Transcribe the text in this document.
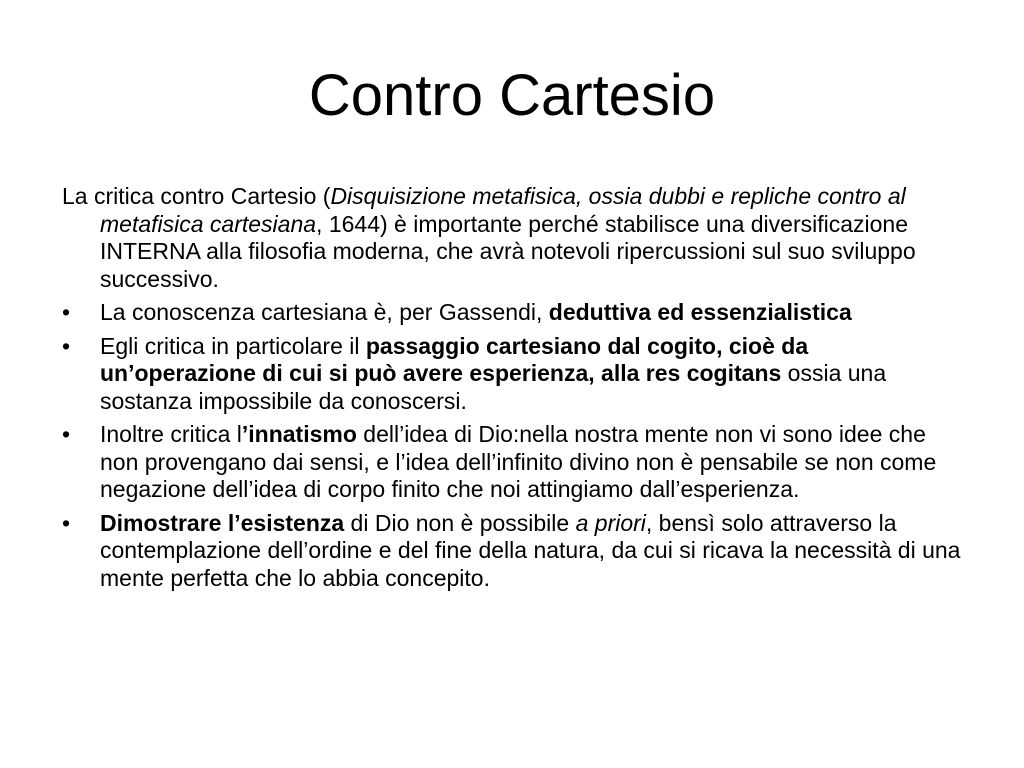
Contro Cartesio

La critica contro Cartesio (Disquisizione metafisica, ossia dubbi e repliche contro al metafisica cartesiana, 1644) è importante perché stabilisce una diversificazione INTERNA alla filosofia moderna, che avrà notevoli ripercussioni sul suo sviluppo successivo.

•	La conoscenza cartesiana è, per Gassendi, deduttiva ed essenzialistica

•	Egli critica in particolare il passaggio cartesiano dal cogito, cioè da un’operazione di cui si può avere esperienza, alla res cogitans ossia una sostanza impossibile da conoscersi.

•	Inoltre critica l’innatismo dell’idea di Dio:nella nostra mente non vi sono idee che non provengano dai sensi, e l’idea dell’infinito divino non è pensabile se non come negazione dell’idea di corpo finito che noi attingiamo dall’esperienza.

•	Dimostrare l’esistenza di Dio non è possibile a priori, bensì solo attraverso la contemplazione dell’ordine e del fine della natura, da cui si ricava la necessità di una mente perfetta che lo abbia concepito.
